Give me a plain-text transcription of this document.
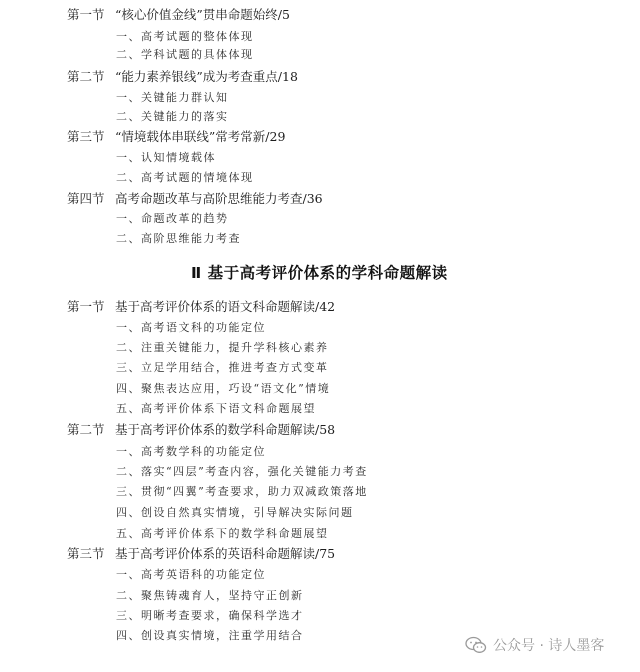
第一节 “核心价值金线”贯串命题始终/5
一、高考试题的整体体现
二、学科试题的具体体现
第二节 “能力素养银线”成为考查重点/18
一、关键能力群认知
二、关键能力的落实
第三节 “情境载体串联线”常考常新/29
一、认知情境载体
二、高考试题的情境体现
第四节 高考命题改革与高阶思维能力考查/36
一、命题改革的趋势
二、高阶思维能力考查
Ⅱ 基于高考评价体系的学科命题解读
第一节 基于高考评价体系的语文科命题解读/42
一、高考语文科的功能定位
二、注重关键能力，提升学科核心素养
三、立足学用结合，推进考查方式变革
四、聚焦表达应用，巧设“语文化”情境
五、高考评价体系下语文科命题展望
第二节 基于高考评价体系的数学科命题解读/58
一、高考数学科的功能定位
二、落实“四层”考查内容，强化关键能力考查
三、贯彻“四翼”考查要求，助力双减政策落地
四、创设自然真实情境，引导解决实际问题
五、高考评价体系下的数学科命题展望
第三节 基于高考评价体系的英语科命题解读/75
一、高考英语科的功能定位
二、聚焦铸魂育人，坚持守正创新
三、明晰考查要求，确保科学选才
四、创设真实情境，注重学用结合
公众号 · 诗人墨客
